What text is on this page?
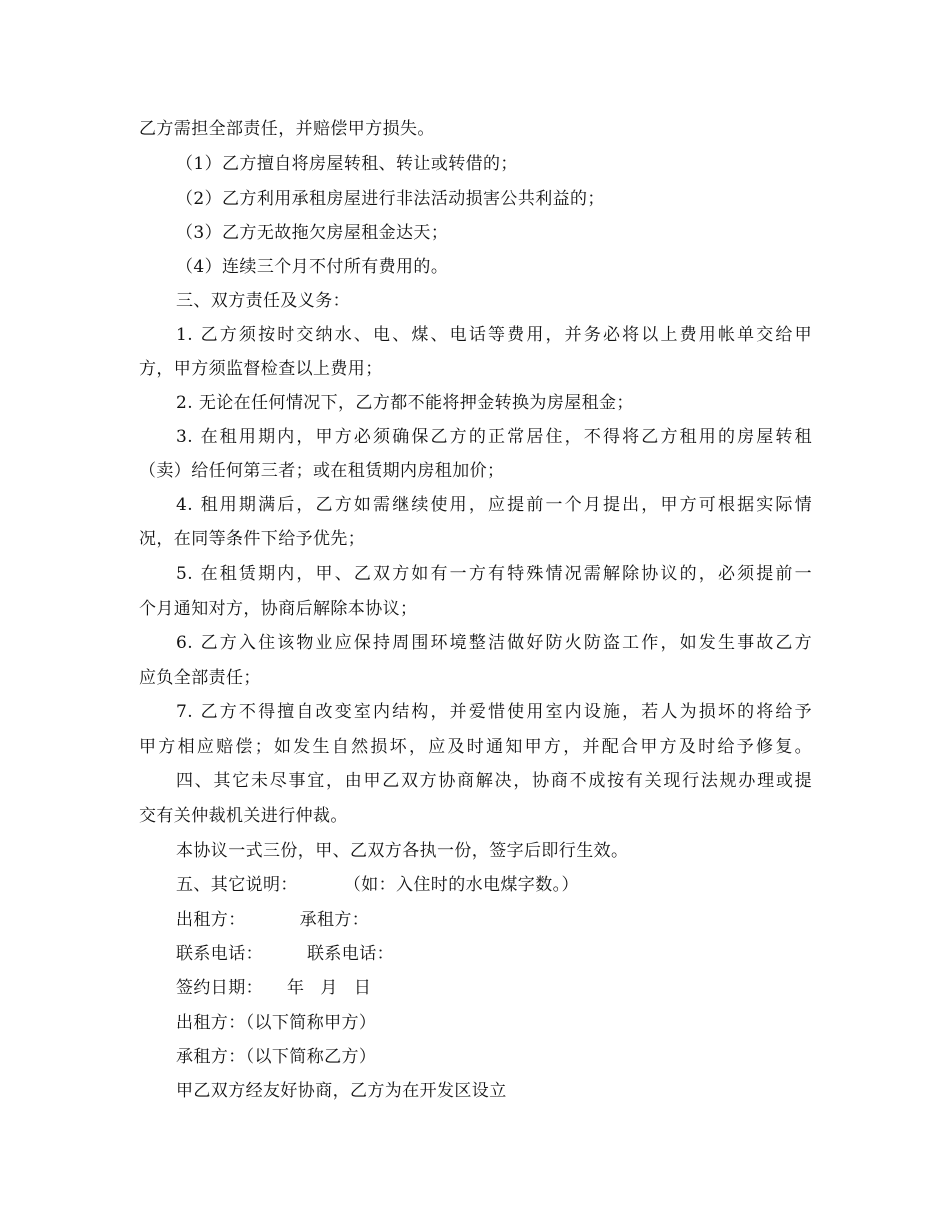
乙方需担全部责任，并赔偿甲方损失。
（1）乙方擅自将房屋转租、转让或转借的；
（2）乙方利用承租房屋进行非法活动损害公共利益的；
（3）乙方无故拖欠房屋租金达天；
（4）连续三个月不付所有费用的。
三、双方责任及义务：
1. 乙方须按时交纳水、电、煤、电话等费用，并务必将以上费用帐单交给甲
方，甲方须监督检查以上费用；
2. 无论在任何情况下，乙方都不能将押金转换为房屋租金；
3. 在租用期内，甲方必须确保乙方的正常居住，不得将乙方租用的房屋转租
（卖）给任何第三者；或在租赁期内房租加价；
4. 租用期满后，乙方如需继续使用，应提前一个月提出，甲方可根据实际情
况，在同等条件下给予优先；
5. 在租赁期内，甲、乙双方如有一方有特殊情况需解除协议的，必须提前一
个月通知对方，协商后解除本协议；
6. 乙方入住该物业应保持周围环境整洁做好防火防盗工作，如发生事故乙方
应负全部责任；
7. 乙方不得擅自改变室内结构，并爱惜使用室内设施，若人为损坏的将给予
甲方相应赔偿；如发生自然损坏，应及时通知甲方，并配合甲方及时给予修复。
四、其它未尽事宜，由甲乙双方协商解决，协商不成按有关现行法规办理或提
交有关仲裁机关进行仲裁。
本协议一式三份，甲、乙双方各执一份，签字后即行生效。
五、其它说明：	（如：入住时的水电煤字数。）
出租方：	承租方：
联系电话：	联系电话：
签约日期： 年 月 日
出租方：（以下简称甲方）
承租方：（以下简称乙方）
甲乙双方经友好协商，乙方为在开发区设立
